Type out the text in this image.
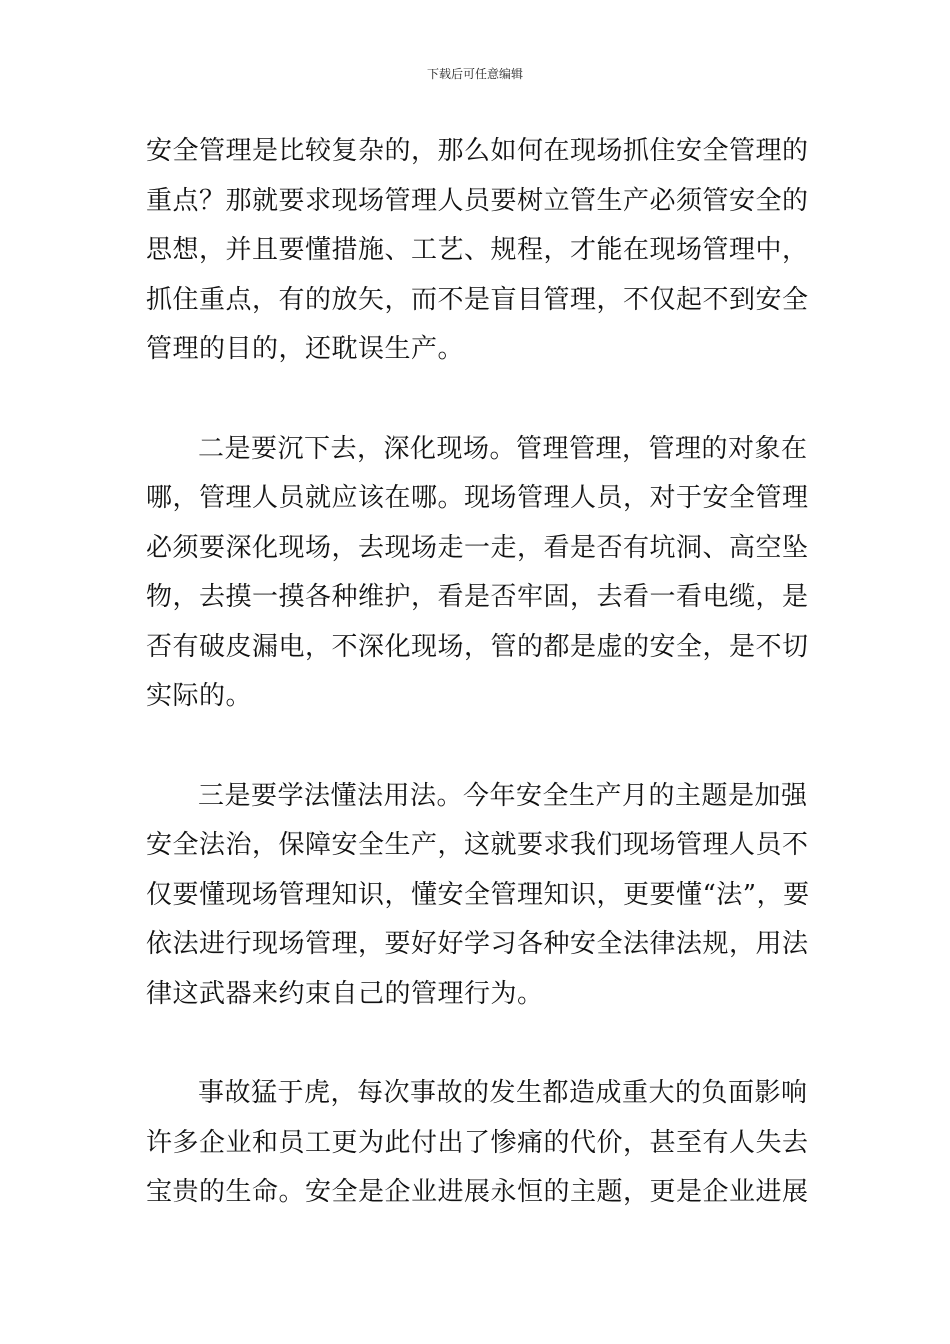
下载后可任意编辑

安全管理是比较复杂的，那么如何在现场抓住安全管理的重点？那就要求现场管理人员要树立管生产必须管安全的思想，并且要懂措施、工艺、规程，才能在现场管理中，抓住重点，有的放矢，而不是盲目管理，不仅起不到安全管理的目的，还耽误生产。

二是要沉下去，深化现场。管理管理，管理的对象在哪，管理人员就应该在哪。现场管理人员，对于安全管理必须要深化现场，去现场走一走，看是否有坑洞、高空坠物，去摸一摸各种维护，看是否牢固，去看一看电缆，是否有破皮漏电，不深化现场，管的都是虚的安全，是不切实际的。

三是要学法懂法用法。今年安全生产月的主题是加强安全法治，保障安全生产，这就要求我们现场管理人员不仅要懂现场管理知识，懂安全管理知识，更要懂“法”，要依法进行现场管理，要好好学习各种安全法律法规，用法律这武器来约束自己的管理行为。

事故猛于虎，每次事故的发生都造成重大的负面影响许多企业和员工更为此付出了惨痛的代价，甚至有人失去宝贵的生命。安全是企业进展永恒的主题，更是企业进展
